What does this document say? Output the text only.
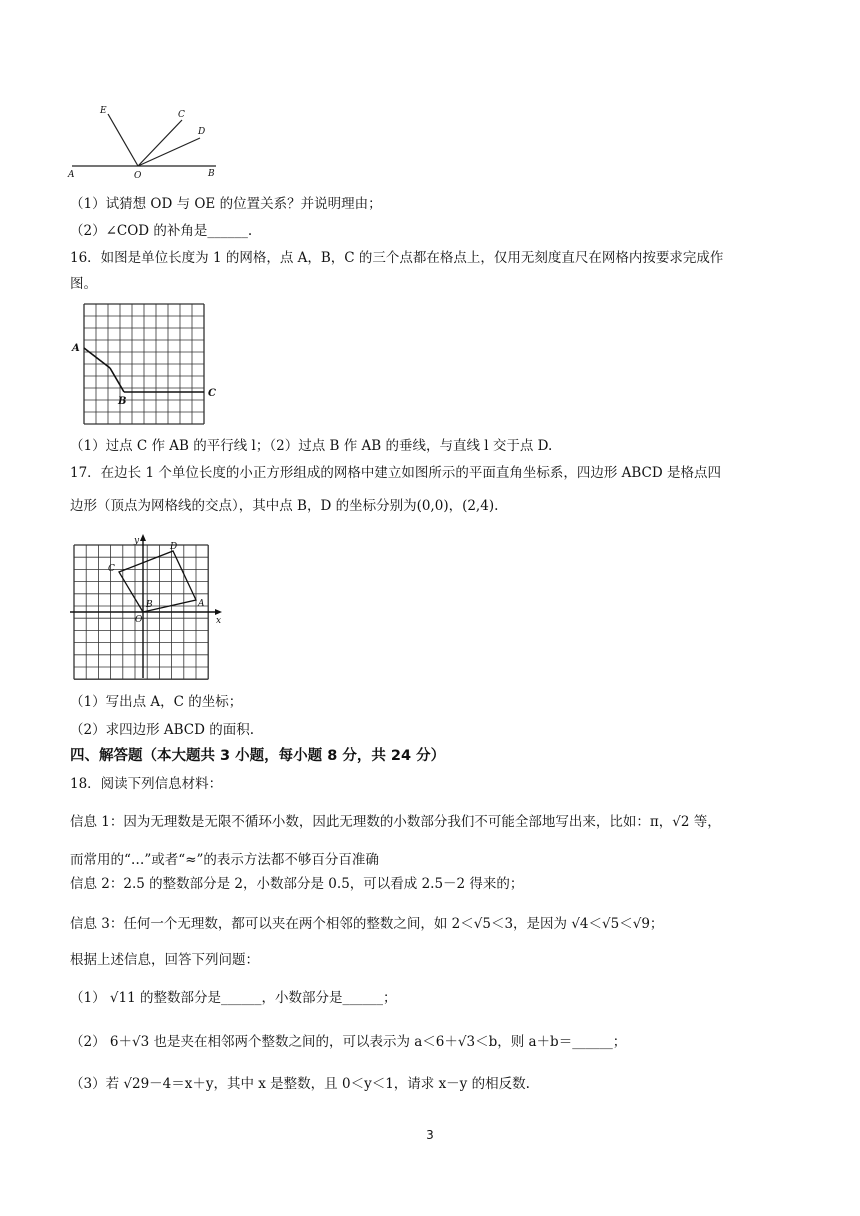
A	O	B
E	C
D
（1）试猜想 OD 与 OE 的位置关系？并说明理由；
（2）∠COD 的补角是______.
16．如图是单位长度为 1 的网格，点 A，B，C 的三个点都在格点上，仅用无刻度直尺在网格内按要求完成作
图。
A
B
C
（1）过点 C 作 AB 的平行线 l；（2）过点 B 作 AB 的垂线，与直线 l 交于点 D.
17．在边长 1 个单位长度的小正方形组成的网格中建立如图所示的平面直角坐标系，四边形 ABCD 是格点四
边形（顶点为网格线的交点），其中点 B，D 的坐标分别为(0,0)，(2,4).
y
x
O
B	A
C
D
（1）写出点 A，C 的坐标；
（2）求四边形 ABCD 的面积.
四、解答题（本大题共 3 小题，每小题 8 分，共 24 分）
18．阅读下列信息材料：
信息 1：因为无理数是无限不循环小数，因此无理数的小数部分我们不可能全部地写出来，比如：π，√2 等，
而常用的“…”或者“≈”的表示方法都不够百分百准确
信息 2：2.5 的整数部分是 2，小数部分是 0.5，可以看成 2.5－2 得来的；
信息 3：任何一个无理数，都可以夹在两个相邻的整数之间，如 2＜√5＜3，是因为 √4＜√5＜√9；
根据上述信息，回答下列问题：
（1） √11 的整数部分是______，小数部分是______；
（2） 6＋√3 也是夹在相邻两个整数之间的，可以表示为 a＜6＋√3＜b，则 a＋b＝______；
（3）若 √29－4＝x＋y，其中 x 是整数，且 0＜y＜1，请求 x－y 的相反数.
3
